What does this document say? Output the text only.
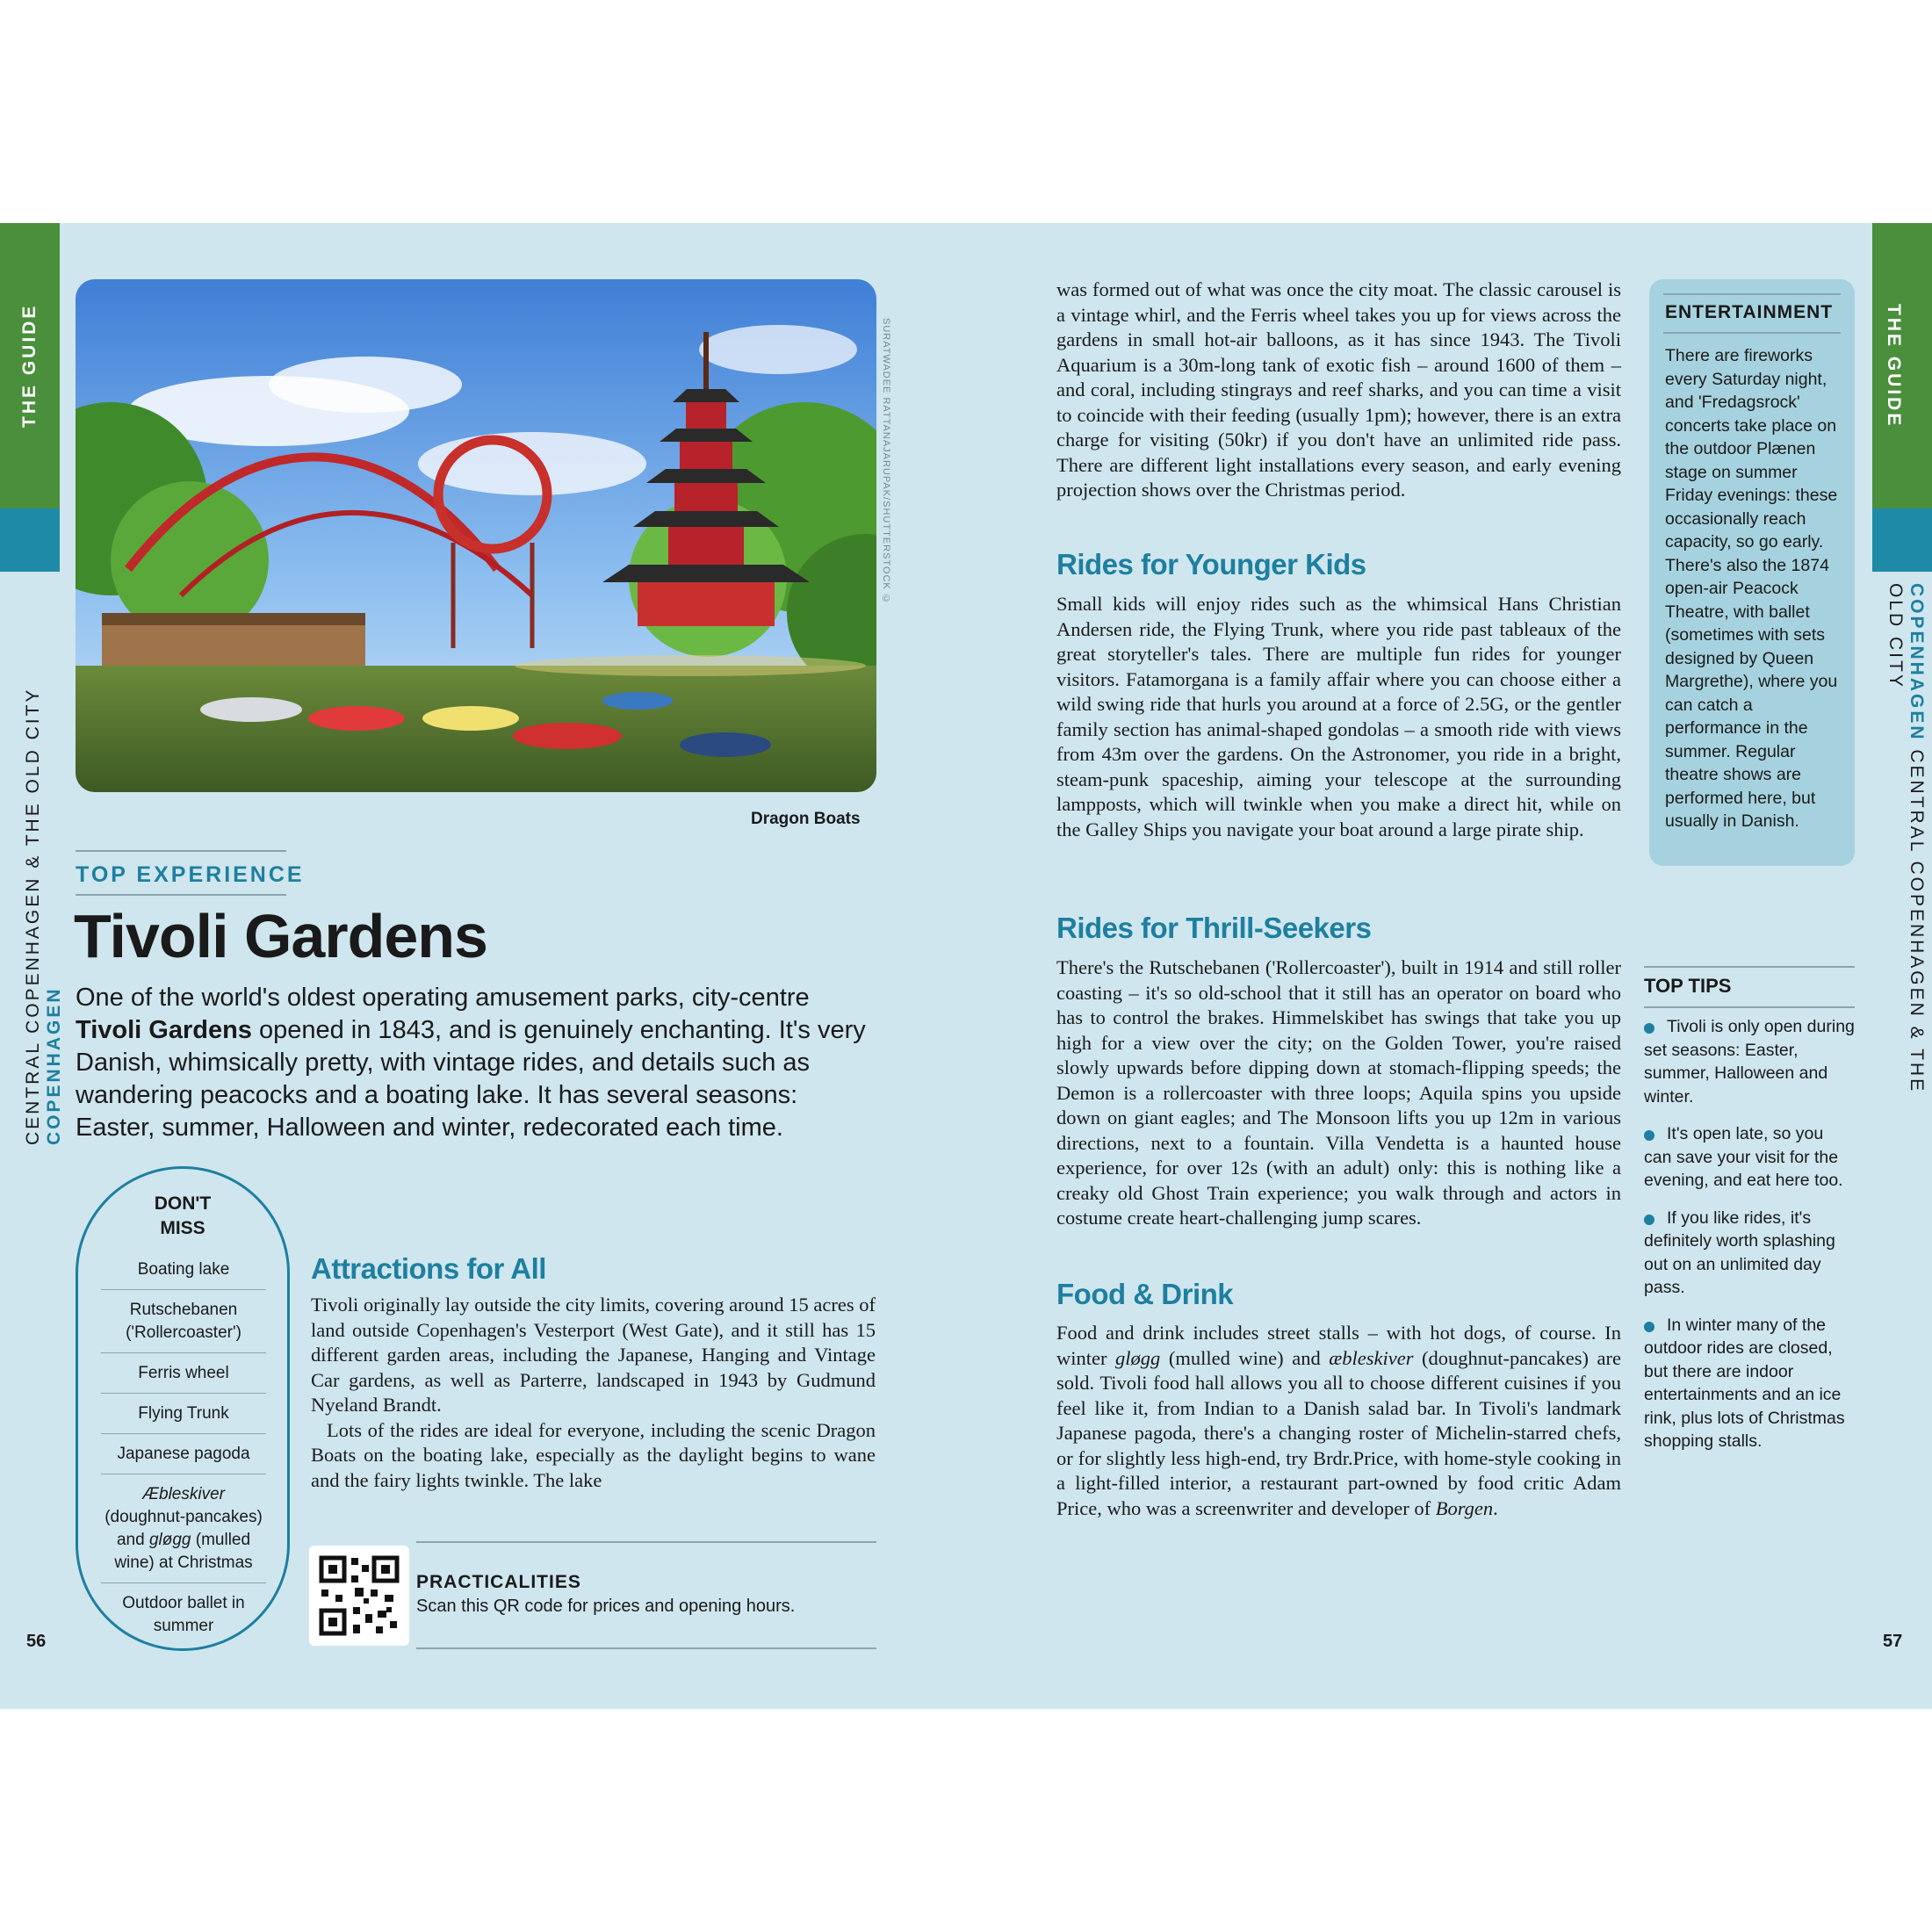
THE GUIDE
CENTRAL COPENHAGEN & THE OLD CITY COPENHAGEN
THE GUIDE
COPENHAGEN CENTRAL COPENHAGEN & THE OLD CITY
56	57
SURATWADEE RATTANAJARUPAK/SHUTTERSTOCK ©
Dragon Boats
TOP EXPERIENCE
Tivoli Gardens

One of the world's oldest operating amusement parks, city-centre Tivoli Gardens opened in 1843, and is genuinely enchanting. It's very Danish, whimsically pretty, with vintage rides, and details such as wandering peacocks and a boating lake. It has several seasons: Easter, summer, Halloween and winter, redecorated each time.

DON'T
MISS
Boating lake
Rutschebanen ('Rollercoaster')
Ferris wheel
Flying Trunk
Japanese pagoda
Æbleskiver (doughnut-pancakes) and gløgg (mulled wine) at Christmas
Outdoor ballet in summer
Attractions for All

Tivoli originally lay outside the city limits, covering around 15 acres of land outside Copenhagen's Vesterport (West Gate), and it still has 15 different garden areas, including the Japanese, Hanging and Vintage Car gardens, as well as Parterre, landscaped in 1943 by Gudmund Nyeland Brandt.

Lots of the rides are ideal for everyone, including the scenic Dragon Boats on the boating lake, especially as the daylight begins to wane and the fairy lights twinkle. The lake

PRACTICALITIES
Scan this QR code for prices and opening hours.
was formed out of what was once the city moat. The classic carousel is a vintage whirl, and the Ferris wheel takes you up for views across the gardens in small hot-air balloons, as it has since 1943. The Tivoli Aquarium is a 30m-long tank of exotic fish – around 1600 of them – and coral, including stingrays and reef sharks, and you can time a visit to coincide with their feeding (usually 1pm); however, there is an extra charge for visiting (50kr) if you don't have an unlimited ride pass. There are different light installations every season, and early evening projection shows over the Christmas period.
Rides for Younger Kids
Small kids will enjoy rides such as the whimsical Hans Christian Andersen ride, the Flying Trunk, where you ride past tableaux of the great storyteller's tales. There are multiple fun rides for younger visitors. Fatamorgana is a family affair where you can choose either a wild swing ride that hurls you around at a force of 2.5G, or the gentler family section has animal-shaped gondolas – a smooth ride with views from 43m over the gardens. On the Astronomer, you ride in a bright, steam-punk spaceship, aiming your telescope at the surrounding lampposts, which will twinkle when you make a direct hit, while on the Galley Ships you navigate your boat around a large pirate ship.
Rides for Thrill-Seekers
There's the Rutschebanen ('Rollercoaster'), built in 1914 and still roller coasting – it's so old-school that it still has an operator on board who has to control the brakes. Himmelskibet has swings that take you up high for a view over the city; on the Golden Tower, you're raised slowly upwards before dipping down at stomach-flipping speeds; the Demon is a rollercoaster with three loops; Aquila spins you upside down on giant eagles; and The Monsoon lifts you up 12m in various directions, next to a fountain. Villa Vendetta is a haunted house experience, for over 12s (with an adult) only: this is nothing like a creaky old Ghost Train experience; you walk through and actors in costume create heart-challenging jump scares.
Food & Drink
Food and drink includes street stalls – with hot dogs, of course. In winter gløgg (mulled wine) and æbleskiver (doughnut-pancakes) are sold. Tivoli food hall allows you all to choose different cuisines if you feel like it, from Indian to a Danish salad bar. In Tivoli's landmark Japanese pagoda, there's a changing roster of Michelin-starred chefs, or for slightly less high-end, try Brdr.Price, with home-style cooking in a light-filled interior, a restaurant part-owned by food critic Adam Price, who was a screenwriter and developer of Borgen.
ENTERTAINMENT
There are fireworks every Saturday night, and 'Fredagsrock' concerts take place on the outdoor Plænen stage on summer Friday evenings: these occasionally reach capacity, so go early. There's also the 1874 open-air Peacock Theatre, with ballet (sometimes with sets designed by Queen Margrethe), where you can catch a performance in the summer. Regular theatre shows are performed here, but usually in Danish.
TOP TIPS
Tivoli is only open during set seasons: Easter, summer, Halloween and winter.
It's open late, so you can save your visit for the evening, and eat here too.
If you like rides, it's definitely worth splashing out on an unlimited day pass.
In winter many of the outdoor rides are closed, but there are indoor entertainments and an ice rink, plus lots of Christmas shopping stalls.
